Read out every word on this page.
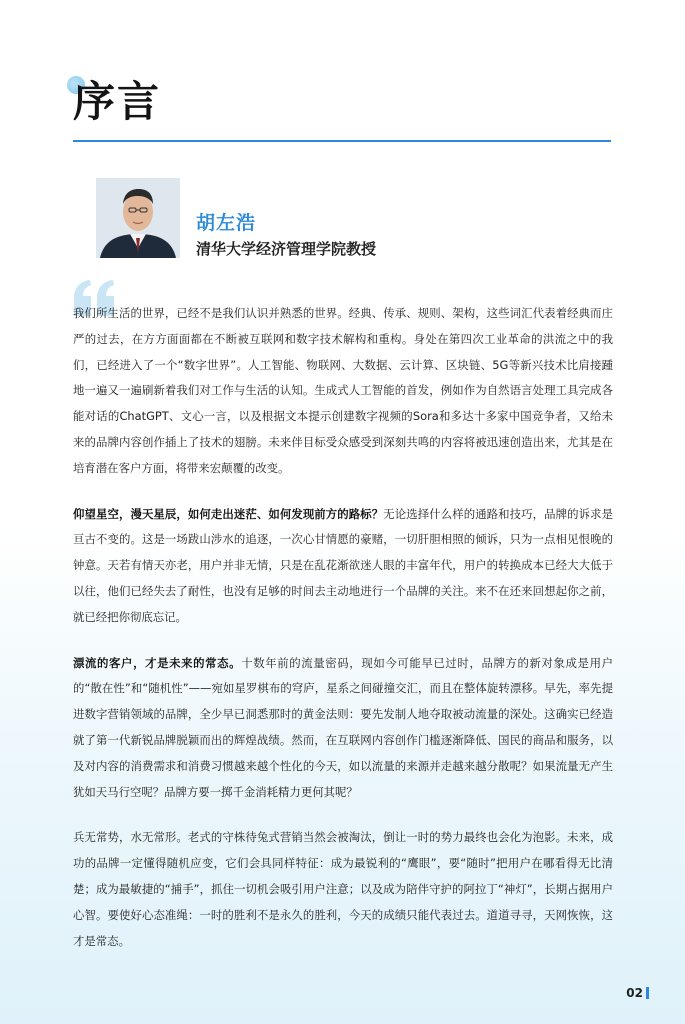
序言
胡左浩
清华大学经济管理学院教授

我们所生活的世界，已经不是我们认识并熟悉的世界。经典、传承、规则、架构，这些词汇代表着经典而庄严的过去，在方方面面都在不断被互联网和数字技术解构和重构。身处在第四次工业革命的洪流之中的我们，已经进入了一个“数字世界”。人工智能、物联网、大数据、云计算、区块链、5G等新兴技术比肩接踵地一遍又一遍刷新着我们对工作与生活的认知。生成式人工智能的首发，例如作为自然语言处理工具完成各能对话的ChatGPT、文心一言，以及根据文本提示创建数字视频的Sora和多达十多家中国竞争者，又给未来的品牌内容创作插上了技术的翅膀。未来伴目标受众感受到深刻共鸣的内容将被迅速创造出来，尤其是在培育潜在客户方面，将带来宏颠覆的改变。

仰望星空，漫天星辰，如何走出迷茫、如何发现前方的路标？无论选择什么样的通路和技巧，品牌的诉求是亘古不变的。这是一场跋山涉水的追逐，一次心甘情愿的豪赌，一切肝胆相照的倾诉，只为一点相见恨晚的钟意。天若有情天亦老，用户并非无情，只是在乱花渐欲迷人眼的丰富年代，用户的转换成本已经大大低于以往，他们已经失去了耐性，也没有足够的时间去主动地进行一个品牌的关注。来不在还来回想起你之前，就已经把你彻底忘记。

漂流的客户，才是未来的常态。十数年前的流量密码，现如今可能早已过时，品牌方的新对象成是用户的“散在性”和“随机性”——宛如星罗棋布的穹庐，星系之间碰撞交汇，而且在整体旋转漂移。早先，率先提进数字营销领域的品牌，全少早已洞悉那时的黄金法则：要先发制人地夺取被动流量的深处。这确实已经造就了第一代新锐品牌脱颖而出的辉煌战绩。然而，在互联网内容创作门槛逐渐降低、国民的商品和服务，以及对内容的消费需求和消费习惯越来越个性化的今天，如以流量的来源并走越来越分散呢？如果流量无产生犹如天马行空呢？品牌方要一掷千金消耗精力更何其呢？

兵无常势，水无常形。老式的守株待兔式营销当然会被淘汰，倒让一时的势力最终也会化为泡影。未来，成功的品牌一定懂得随机应变，它们会具同样特征：成为最锐利的“鹰眼”，要“随时”把用户在哪看得无比清楚；成为最敏捷的“捕手”，抓住一切机会吸引用户注意；以及成为陪伴守护的阿拉丁“神灯”，长期占据用户心智。要使好心态准绳：一时的胜利不是永久的胜利，今天的成绩只能代表过去。道道寻寻，天网恢恢，这才是常态。

02
